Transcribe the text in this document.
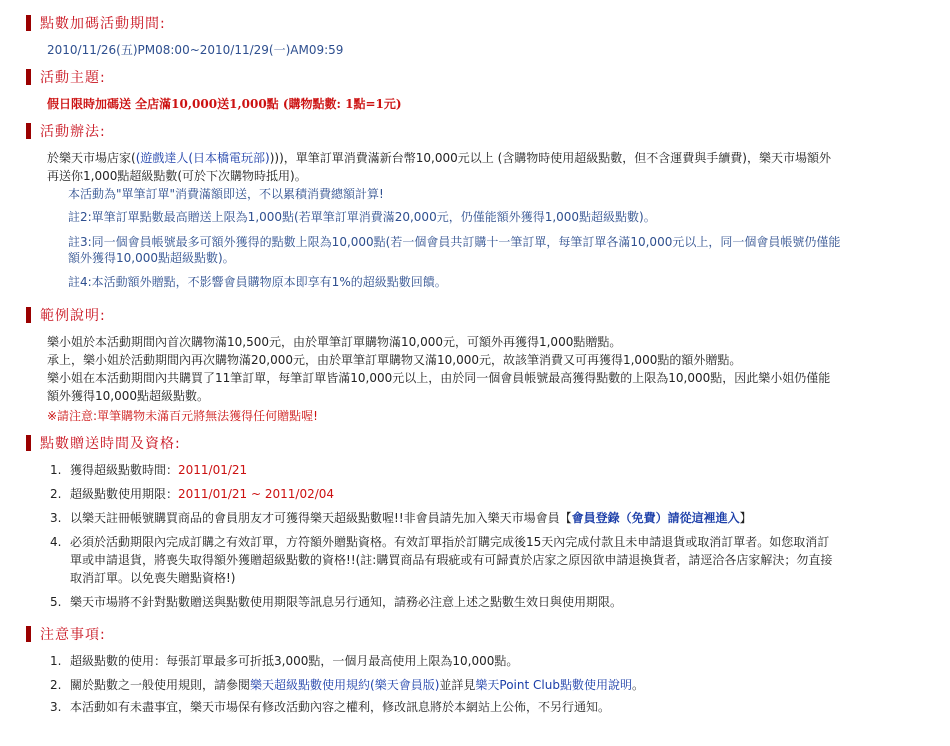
點數加碼活動期間:
2010/11/26(五)PM08:00~2010/11/29(一)AM09:59
活動主題:
假日限時加碼送 全店滿10,000送1,000點 (購物點數: 1點=1元)
活動辦法:
於樂天市場店家((遊戲達人(日本橋電玩部))))，單筆訂單消費滿新台幣10,000元以上 (含購物時使用超級點數，但不含運費與手續費)，樂天市場額外
再送你1,000點超級點數(可於下次購物時抵用)。
本活動為"單筆訂單"消費滿額即送，不以累積消費總額計算!
註2:單筆訂單點數最高贈送上限為1,000點(若單筆訂單消費滿20,000元，仍僅能額外獲得1,000點超級點數)。
註3:同一個會員帳號最多可額外獲得的點數上限為10,000點(若一個會員共訂購十一筆訂單，每筆訂單各滿10,000元以上，同一個會員帳號仍僅能
額外獲得10,000點超級點數)。
註4:本活動額外贈點，不影響會員購物原本即享有1%的超級點數回饋。
範例說明:
樂小姐於本活動期間內首次購物滿10,500元，由於單筆訂單購物滿10,000元，可額外再獲得1,000點贈點。
承上，樂小姐於活動期間內再次購物滿20,000元，由於單筆訂單購物又滿10,000元，故該筆消費又可再獲得1,000點的額外贈點。
樂小姐在本活動期間內共購買了11筆訂單，每筆訂單皆滿10,000元以上，由於同一個會員帳號最高獲得點數的上限為10,000點，因此樂小姐仍僅能
額外獲得10,000點超級點數。
※請注意:單筆購物未滿百元將無法獲得任何贈點喔!
點數贈送時間及資格:
1. 獲得超級點數時間：2011/01/21
2. 超級點數使用期限：2011/01/21 ~ 2011/02/04
3. 以樂天註冊帳號購買商品的會員朋友才可獲得樂天超級點數喔!!非會員請先加入樂天市場會員【會員登錄（免費）請從這裡進入】
4. 必須於活動期限內完成訂購之有效訂單，方符額外贈點資格。有效訂單指於訂購完成後15天內完成付款且未申請退貨或取消訂單者。如您取消訂
單或申請退貨，將喪失取得額外獲贈超級點數的資格!!(註:購買商品有瑕疵或有可歸責於店家之原因欲申請退換貨者，請逕洽各店家解決；勿直接
取消訂單。以免喪失贈點資格!)
5. 樂天市場將不針對點數贈送與點數使用期限等訊息另行通知，請務必注意上述之點數生效日與使用期限。
注意事項:
1. 超級點數的使用：每張訂單最多可折抵3,000點，一個月最高使用上限為10,000點。
2. 關於點數之一般使用規則，請參閱樂天超級點數使用規約(樂天會員版)並詳見樂天Point Club點數使用說明。
3. 本活動如有未盡事宜，樂天市場保有修改活動內容之權利，修改訊息將於本網站上公佈，不另行通知。
